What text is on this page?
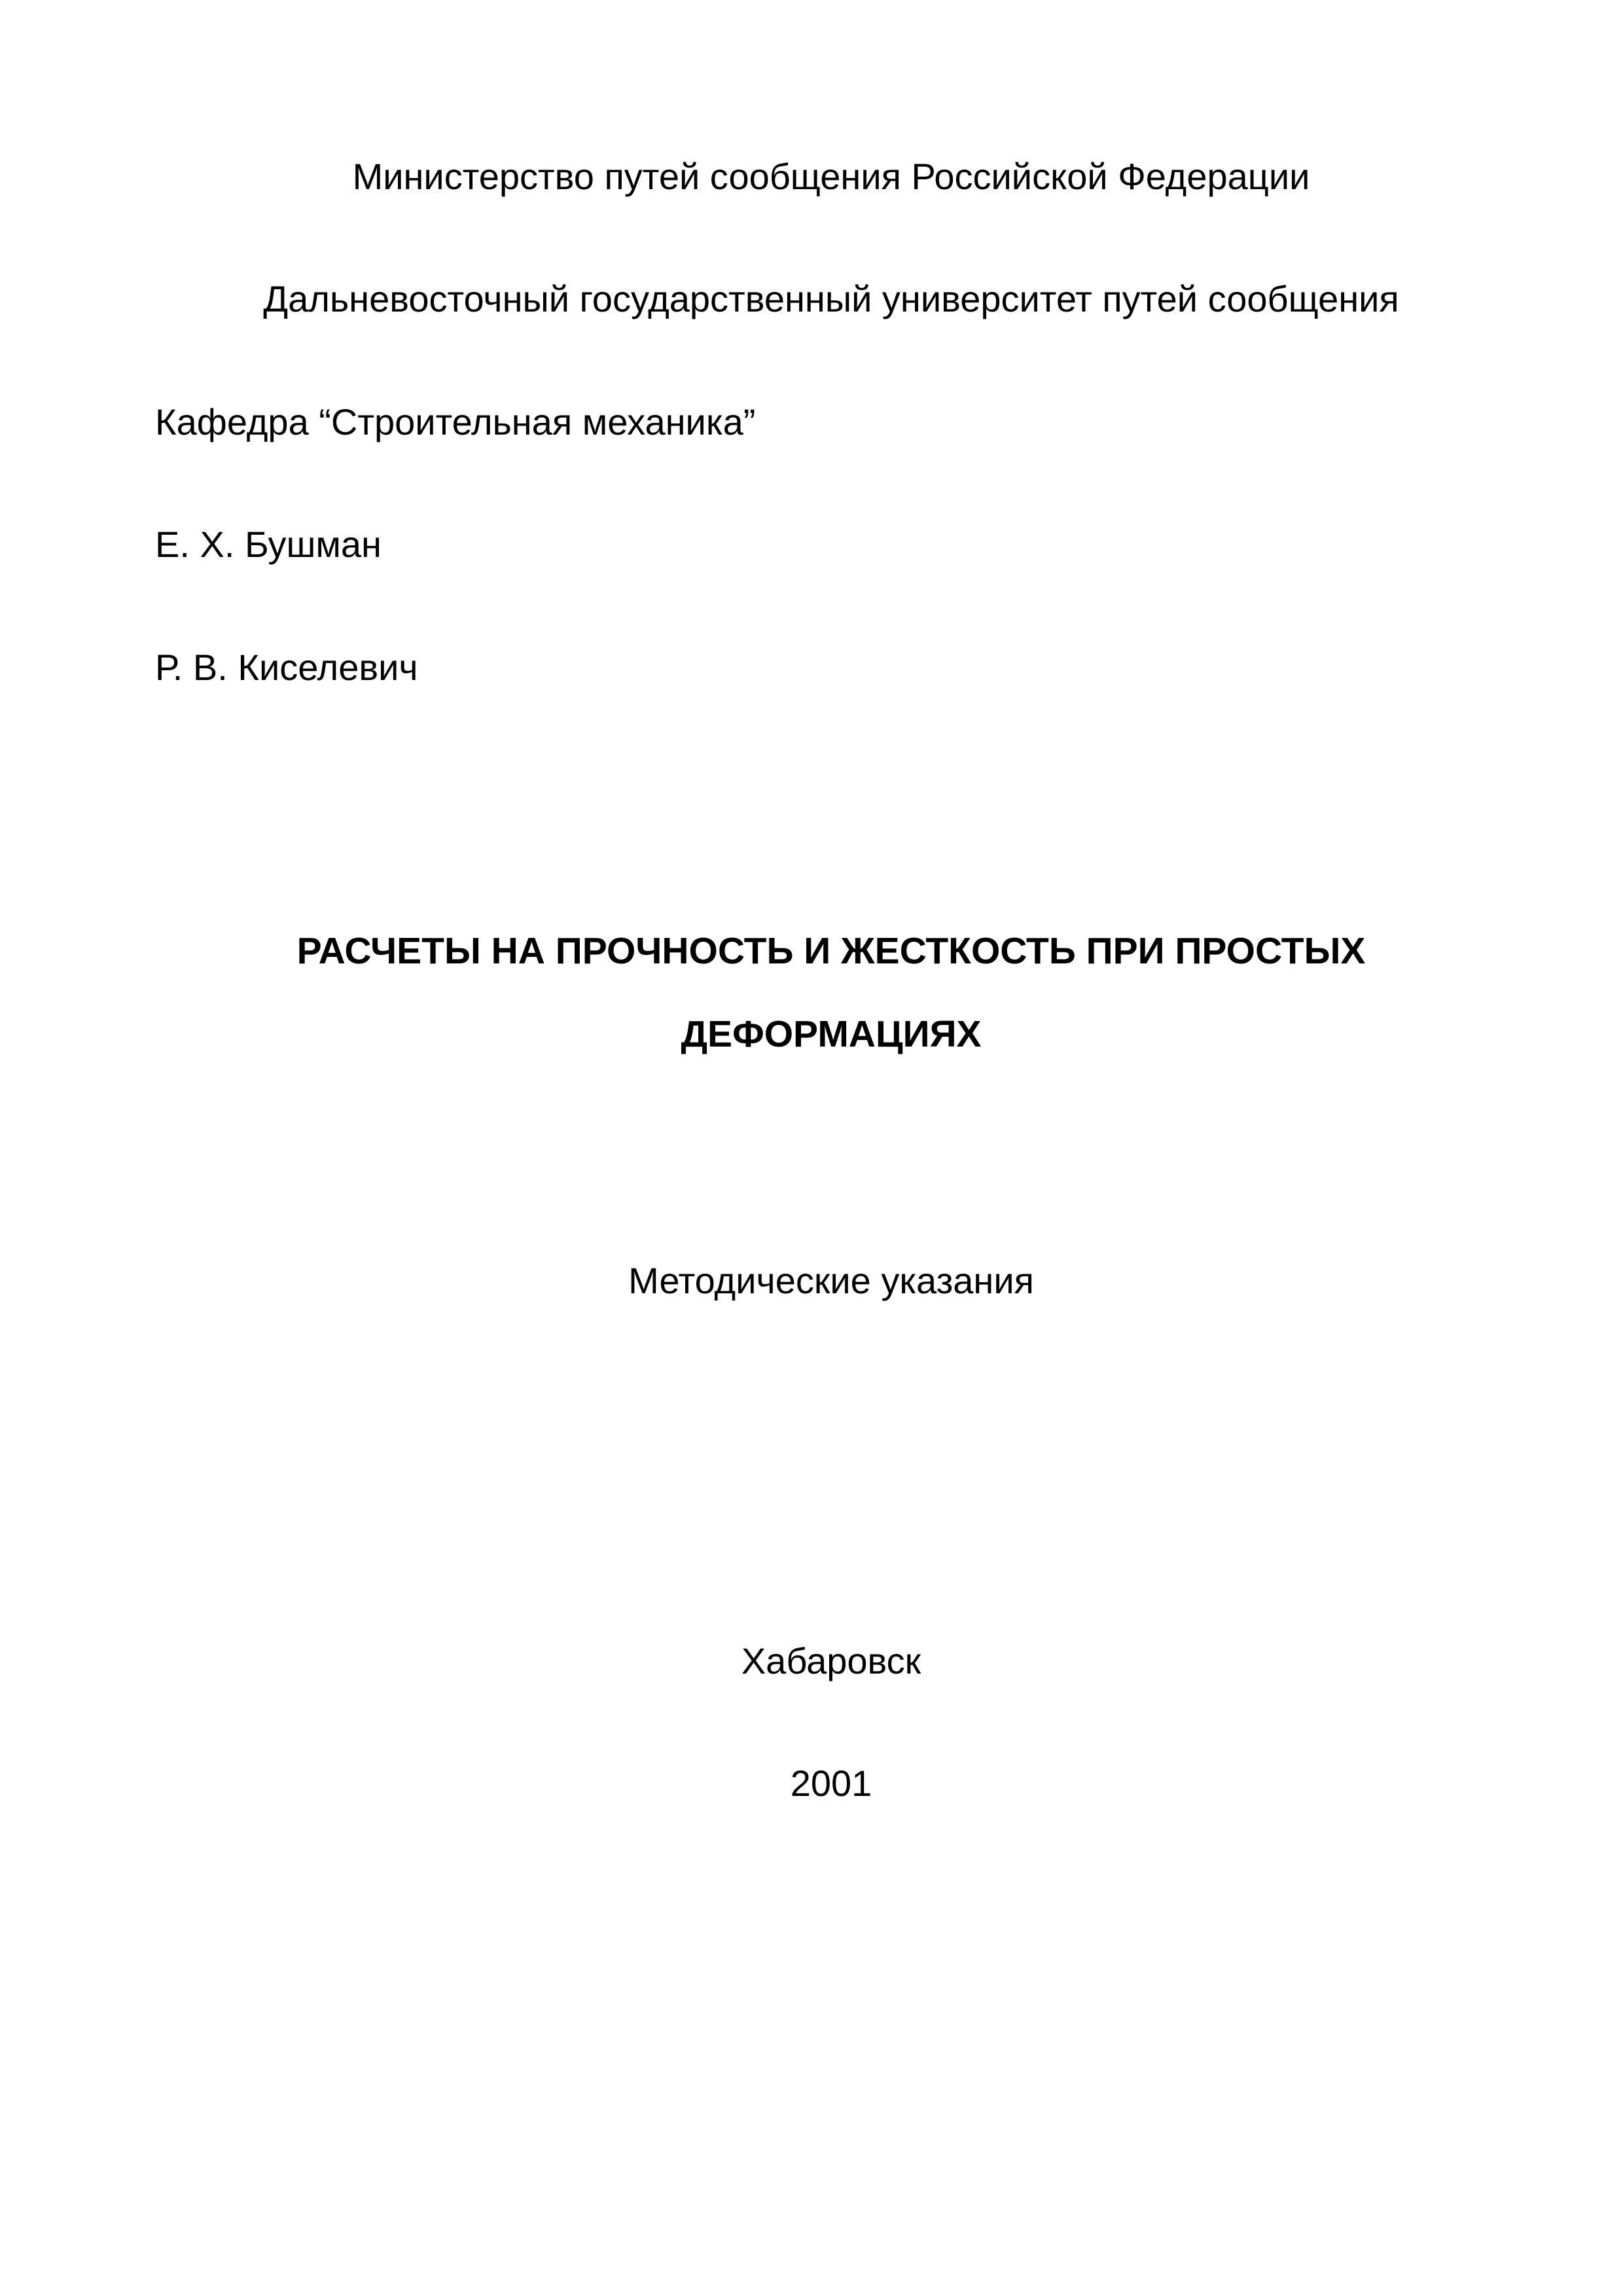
Министерство путей сообщения Российской Федерации

Дальневосточный государственный университет путей сообщения

Кафедра “Строительная механика”

Е. Х. Бушман

Р. В. Киселевич

РАСЧЕТЫ НА ПРОЧНОСТЬ И ЖЕСТКОСТЬ ПРИ ПРОСТЫХ
ДЕФОРМАЦИЯХ

Методические указания

Хабаровск

2001
